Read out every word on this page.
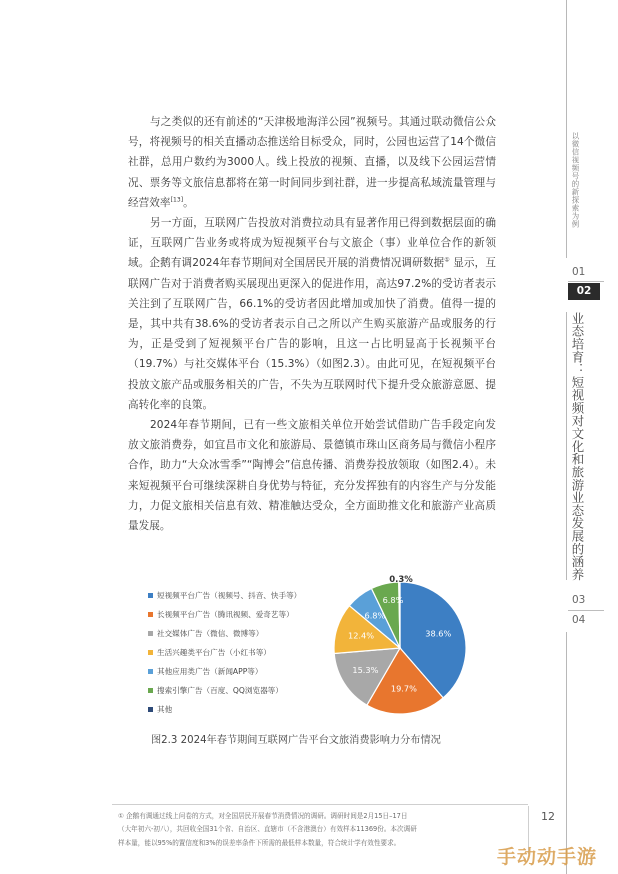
与之类似的还有前述的“天津极地海洋公园”视频号。其通过联动微信公众号，将视频号的相关直播动态推送给目标受众，同时，公园也运营了14个微信社群，总用户数约为3000人。线上投放的视频、直播，以及线下公园运营情况、票务等文旅信息都将在第一时间同步到社群，进一步提高私域流量管理与经营效率[13]。

另一方面，互联网广告投放对消费拉动具有显著作用已得到数据层面的确证，互联网广告业务或将成为短视频平台与文旅企（事）业单位合作的新领域。企鹅有调2024年春节期间对全国居民开展的消费情况调研数据① 显示，互联网广告对于消费者购买展现出更深入的促进作用，高达97.2%的受访者表示关注到了互联网广告，66.1%的受访者因此增加或加快了消费。值得一提的是，其中共有38.6%的受访者表示自己之所以产生购买旅游产品或服务的行为，正是受到了短视频平台广告的影响，且这一占比明显高于长视频平台（19.7%）与社交媒体平台（15.3%）（如图2.3）。由此可见，在短视频平台投放文旅产品或服务相关的广告，不失为互联网时代下提升受众旅游意愿、提高转化率的良策。

2024年春节期间，已有一些文旅相关单位开始尝试借助广告手段定向发放文旅消费券，如宜昌市文化和旅游局、景德镇市珠山区商务局与微信小程序合作，助力“大众冰雪季”“陶博会”信息传播、消费券投放领取（如图2.4）。未来短视频平台可继续深耕自身优势与特征，充分发挥独有的内容生产与分发能力，力促文旅相关信息有效、精准触达受众，全方面助推文化和旅游产业高质量发展。

以微信视频号的新探索为例
01
02
业态培育：短视频对文化和旅游业态发展的涵养
03
04
短视频平台广告（视频号、抖音、快手等）
长视频平台广告（腾讯视频、爱奇艺等）
社交媒体广告（微信、微博等）
生活兴趣类平台广告（小红书等）
其他应用类广告（新闻APP等）
搜索引擎广告（百度、QQ浏览器等）
其他
38.6%
19.7%
15.3%
12.4%
6.8%
6.8%
0.3%
图2.3 2024年春节期间互联网广告平台文旅消费影响力分布情况
① 企鹅有调通过线上问卷的方式，对全国居民开展春节消费情况的调研。调研时间是2月15日–17日
（大年初六-初八），共回收全国31个省、自治区、直辖市（不含港澳台）有效样本11369份。本次调研
样本量，能以95%的置信度和3%的误差率条件下所需的最低样本数量，符合统计学有效性要求。
12
手动动手游
